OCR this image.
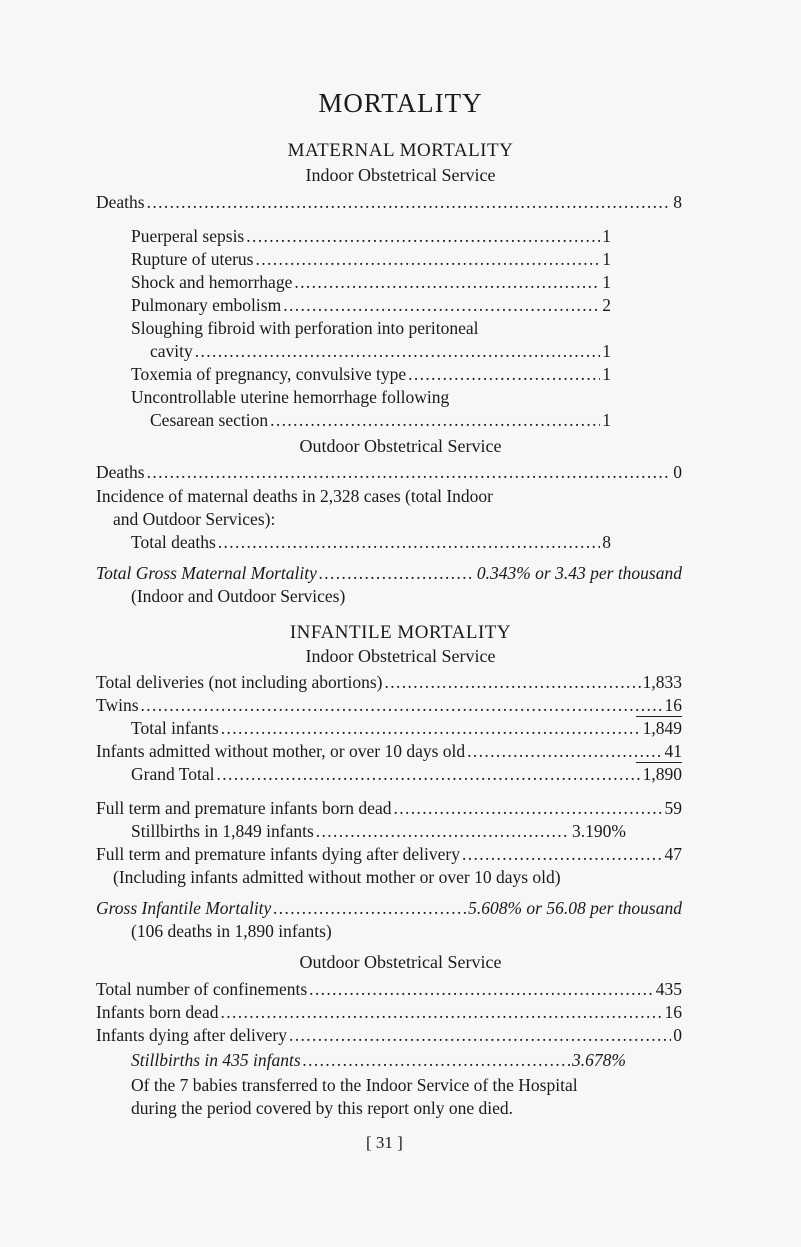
MORTALITY
MATERNAL MORTALITY
Indoor Obstetrical Service
Deaths . . .	8
Puerperal sepsis . . .	1
Rupture of uterus . . .	1
Shock and hemorrhage . . .	1
Pulmonary embolism . . .	2
Sloughing fibroid with perforation into peritoneal
cavity . . .	1
Toxemia of pregnancy, convulsive type . . .	1
Uncontrollable uterine hemorrhage following
Cesarean section . . .	1
Outdoor Obstetrical Service
Deaths . . .	0
Incidence of maternal deaths in 2,328 cases (total Indoor
and Outdoor Services):
Total deaths . . .	8
Total Gross Maternal Mortality . . .	0.343% or 3.43 per thousand
(Indoor and Outdoor Services)
INFANTILE MORTALITY
Indoor Obstetrical Service
Total deliveries (not including abortions) . . .	1,833
Twins . . .	16
Total infants . . .	1,849
Infants admitted without mother, or over 10 days old . . .	41
Grand Total . . .	1,890
Full term and premature infants born dead . . .	59
Stillbirths in 1,849 infants . . .	3.190%
Full term and premature infants dying after delivery . . .	47
(Including infants admitted without mother or over 10 days old)
Gross Infantile Mortality . . .	5.608% or 56.08 per thousand
(106 deaths in 1,890 infants)
Outdoor Obstetrical Service
Total number of confinements . . .	435
Infants born dead . . .	16
Infants dying after delivery . . .	0
Stillbirths in 435 infants . . .	3.678%
Of the 7 babies transferred to the Indoor Service of the Hospital
during the period covered by this report only one died.
[ 31 ]
